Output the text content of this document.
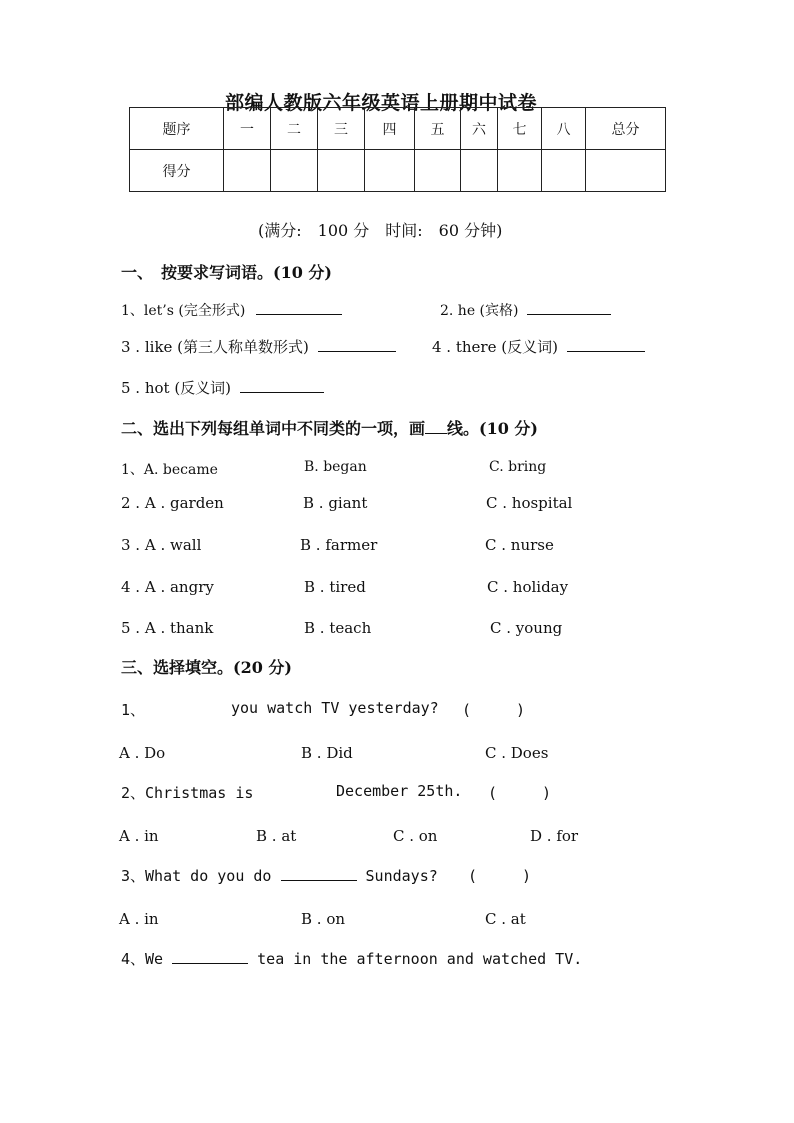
部编人教版六年级英语上册期中试卷
题序	一	二	三	四	五	六	七	八	总分
得分									
(满分:　100 分　时间:　60 分钟)
一、　按要求写词语。(10 分)
1、let’s (完全形式)	2. he (宾格)
3 . like (第三人称单数形式)	4 . there (反义词)
5 . hot (反义词)
二、选出下列每组单词中不同类的一项，画 线。(10 分)
1、A. became	B. began	C. bring
2 . A . garden	B . giant	C . hospital
3 . A . wall	B . farmer	C . nurse
4 . A . angry	B . tired	C . holiday
5 . A . thank	B . teach	C . young
三、选择填空。(20 分)
1、	you watch TV yesterday? (　　　)
A . Do	B . Did	C . Does
2、Christmas is	December 25th. (　　　)
A . in	B . at	C . on	D . for
3、What do you do	Sundays? (　　　)
A . in	B . on	C . at
4、We	tea in the afternoon and watched TV.
